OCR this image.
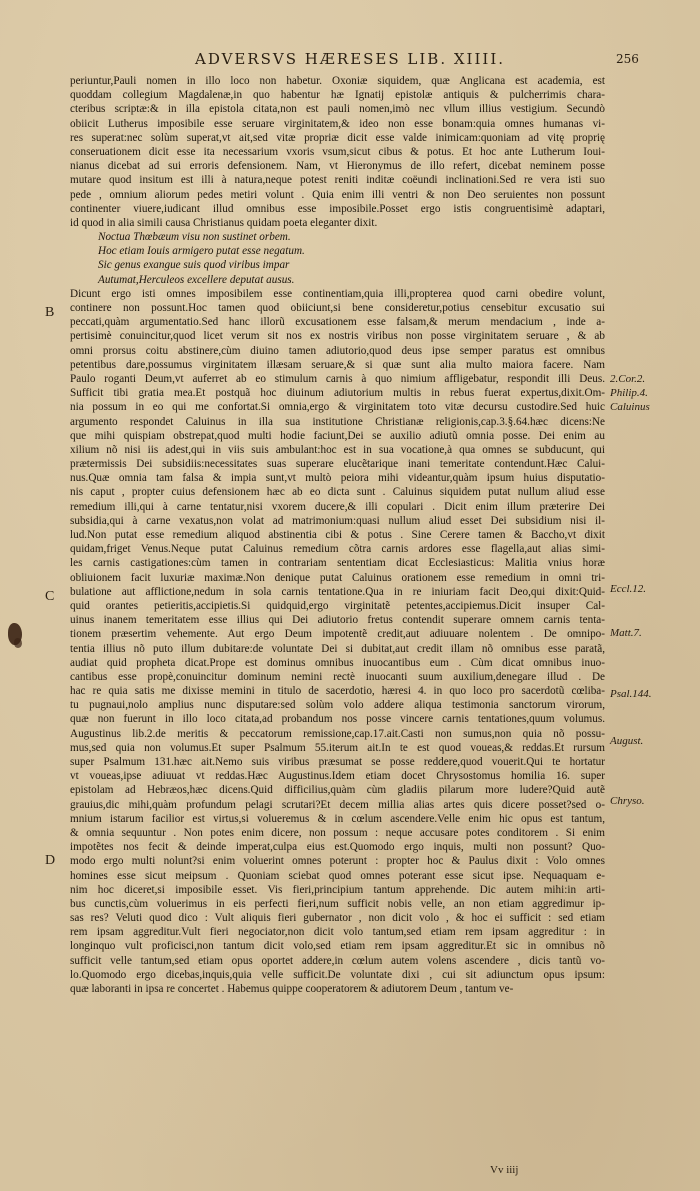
ADVERSVS HÆRESES LIB. XIIII.	256
periuntur,Pauli nomen in illo loco non habetur. Oxoniæ siquidem, quæ Anglicana est academia, est
quoddam collegium Magdalenæ,in quo habentur hæ Ignatij epistolæ antiquis & pulcherrimis chara-
cteribus scriptæ:& in illa epistola citata,non est pauli nomen,imò nec vllum illius vestigium. Secundò
obiicit Lutherus imposibile esse seruare virginitatem,& ideo non esse bonam:quia omnes humanas vi-
res superat:nec solùm superat,vt ait,sed vitæ propriæ dicit esse valde inimicam:quoniam ad vitę proprię
conseruationem dicit esse ita necessarium vxoris vsum,sicut cibus & potus. Et hoc ante Lutherum Ioui-
nianus dicebat ad sui erroris defensionem. Nam, vt Hieronymus de illo refert, dicebat neminem posse
mutare quod insitum est illi à natura,neque potest reniti inditæ coëundi inclinationi.Sed re vera isti suo
pede , omnium aliorum pedes metiri volunt . Quia enim illi ventri & non Deo seruientes non possunt
continenter viuere,iudicant illud omnibus esse imposibile.Posset ergo istis congruentisimè adaptari,
id quod in alia simili causa Christianus quidam poeta eleganter dixit.
Noctua Thœbæum visu non sustinet orbem.
Hoc etiam Iouis armigero putat esse negatum.
Sic genus exangue suis quod viribus impar
Autumat,Herculeos excellere deputat ausus.
Dicunt ergo isti omnes imposibilem esse continentiam,quia illi,propterea quod carni obedire volunt,
continere non possunt.Hoc tamen quod obiiciunt,si bene consideretur,potius censebitur excusatio sui
peccati,quàm argumentatio.Sed hanc illorũ excusationem esse falsam,& merum mendacium , inde a-
pertisimè conuincitur,quod licet verum sit nos ex nostris viribus non posse virginitatem seruare , & ab
omni prorsus coitu abstinere,cùm diuino tamen adiutorio,quod deus ipse semper paratus est omnibus
petentibus dare,possumus virginitatem illæsam seruare,& si quæ sunt alia multo maiora facere. Nam
Paulo roganti Deum,vt auferret ab eo stimulum carnis à quo nimium affligebatur, respondit illi Deus.
Sufficit tibi gratia mea.Et postquã hoc diuinum adiutorium multis in rebus fuerat expertus,dixit.Om-
nia possum in eo qui me confortat.Si omnia,ergo & virginitatem toto vitæ decursu custodire.Sed huic
argumento respondet Caluinus in illa sua institutione Christianæ religionis,cap.3.§.64.hæc dicens:Ne
que mihi quispiam obstrepat,quod multi hodie faciunt,Dei se auxilio adiutũ omnia posse. Dei enim au
xilium nõ nisi iis adest,qui in viis suis ambulant:hoc est in sua vocatione,à qua omnes se subducunt, qui
prætermissis Dei subsidiis:necessitates suas superare elucẽtarique inani temeritate contendunt.Hæc Calui-
nus.Quæ omnia tam falsa & impia sunt,vt multò peiora mihi videantur,quàm ipsum huius disputatio-
nis caput , propter cuius defensionem hæc ab eo dicta sunt . Caluinus siquidem putat nullum aliud esse
remedium illi,qui à carne tentatur,nisi vxorem ducere,& illi copulari . Dicit enim illum præterire Dei
subsidia,qui à carne vexatus,non volat ad matrimonium:quasi nullum aliud esset Dei subsidium nisi il-
lud.Non putat esse remedium aliquod abstinentia cibi & potus . Sine Cerere tamen & Baccho,vt dixit
quidam,friget Venus.Neque putat Caluinus remedium cõtra carnis ardores esse flagella,aut alias simi-
les carnis castigationes:cùm tamen in contrariam sententiam dicat Ecclesiasticus: Malitia vnius horæ
obliuionem facit luxuriæ maximæ.Non denique putat Caluinus orationem esse remedium in omni tri-
bulatione aut afflictione,nedum in sola carnis tentatione.Qua in re iniuriam facit Deo,qui dixit:Quid-
quid orantes petieritis,accipietis.Si quidquid,ergo virginitatẽ petentes,accipiemus.Dicit insuper Cal-
uinus inanem temeritatem esse illius qui Dei adiutorio fretus contendit superare omnem carnis tenta-
tionem præsertim vehemente. Aut ergo Deum impotentẽ credit,aut adiuuare nolentem . De omnipo-
tentia illius nõ puto illum dubitare:de voluntate Dei si dubitat,aut credit illam nõ omnibus esse paratã,
audiat quid propheta dicat.Prope est dominus omnibus inuocantibus eum . Cùm dicat omnibus inuo-
cantibus esse propè,conuincitur dominum nemini rectè inuocanti suum auxilium,denegare illud . De
hac re quia satis me dixisse memini in titulo de sacerdotio, hæresi 4. in quo loco pro sacerdotũ cœliba-
tu pugnaui,nolo amplius nunc disputare:sed solùm volo addere aliqua testimonia sanctorum virorum,
quæ non fuerunt in illo loco citata,ad probandum nos posse vincere carnis tentationes,quum volumus.
Augustinus lib.2.de meritis & peccatorum remissione,cap.17.ait.Casti non sumus,non quia nõ possu-
mus,sed quia non volumus.Et super Psalmum 55.iterum ait.In te est quod voueas,& reddas.Et rursum
super Psalmum 131.hæc ait.Nemo suis viribus præsumat se posse reddere,quod vouerit.Qui te hortatur
vt voueas,ipse adiuuat vt reddas.Hæc Augustinus.Idem etiam docet Chrysostomus homilia 16. super
epistolam ad Hebræos,hæc dicens.Quid difficilius,quàm cùm gladiis pilarum more ludere?Quid autẽ
grauius,dic mihi,quàm profundum pelagi scrutari?Et decem millia alias artes quis dicere posset?sed o-
mnium istarum facilior est virtus,si volueremus & in cœlum ascendere.Velle enim hic opus est tantum,
& omnia sequuntur . Non potes enim dicere, non possum : neque accusare potes conditorem . Si enim
impotẽtes nos fecit & deinde imperat,culpa eius est.Quomodo ergo inquis, multi non possunt? Quo-
modo ergo multi nolunt?si enim voluerint omnes poterunt : propter hoc & Paulus dixit : Volo omnes
homines esse sicut meipsum . Quoniam sciebat quod omnes poterant esse sicut ipse. Nequaquam e-
nim hoc diceret,si imposibile esset. Vis fieri,principium tantum apprehende. Dic autem mihi:in arti-
bus cunctis,cùm voluerimus in eis perfecti fieri,num sufficit nobis velle, an non etiam aggredimur ip-
sas res? Veluti quod dico : Vult aliquis fieri gubernator , non dicit volo , & hoc ei sufficit : sed etiam
rem ipsam aggreditur.Vult fieri negociator,non dicit volo tantum,sed etiam rem ipsam aggreditur : in
longinquo vult proficisci,non tantum dicit volo,sed etiam rem ipsam aggreditur.Et sic in omnibus nõ
sufficit velle tantum,sed etiam opus oportet addere,in cœlum autem volens ascendere , dicis tantũ vo-
lo.Quomodo ergo dicebas,inquis,quia velle sufficit.De voluntate dixi , cui sit adiunctum opus ipsum:
quæ laboranti in ipsa re concertet . Habemus quippe cooperatorem & adiutorem Deum , tantum ve-
2.Cor.2.
Philip.4.
Caluinus
Eccl.12.
Matt.7.
Psal.144.
August.
Chryso.
B
C
D
Vv iiij
